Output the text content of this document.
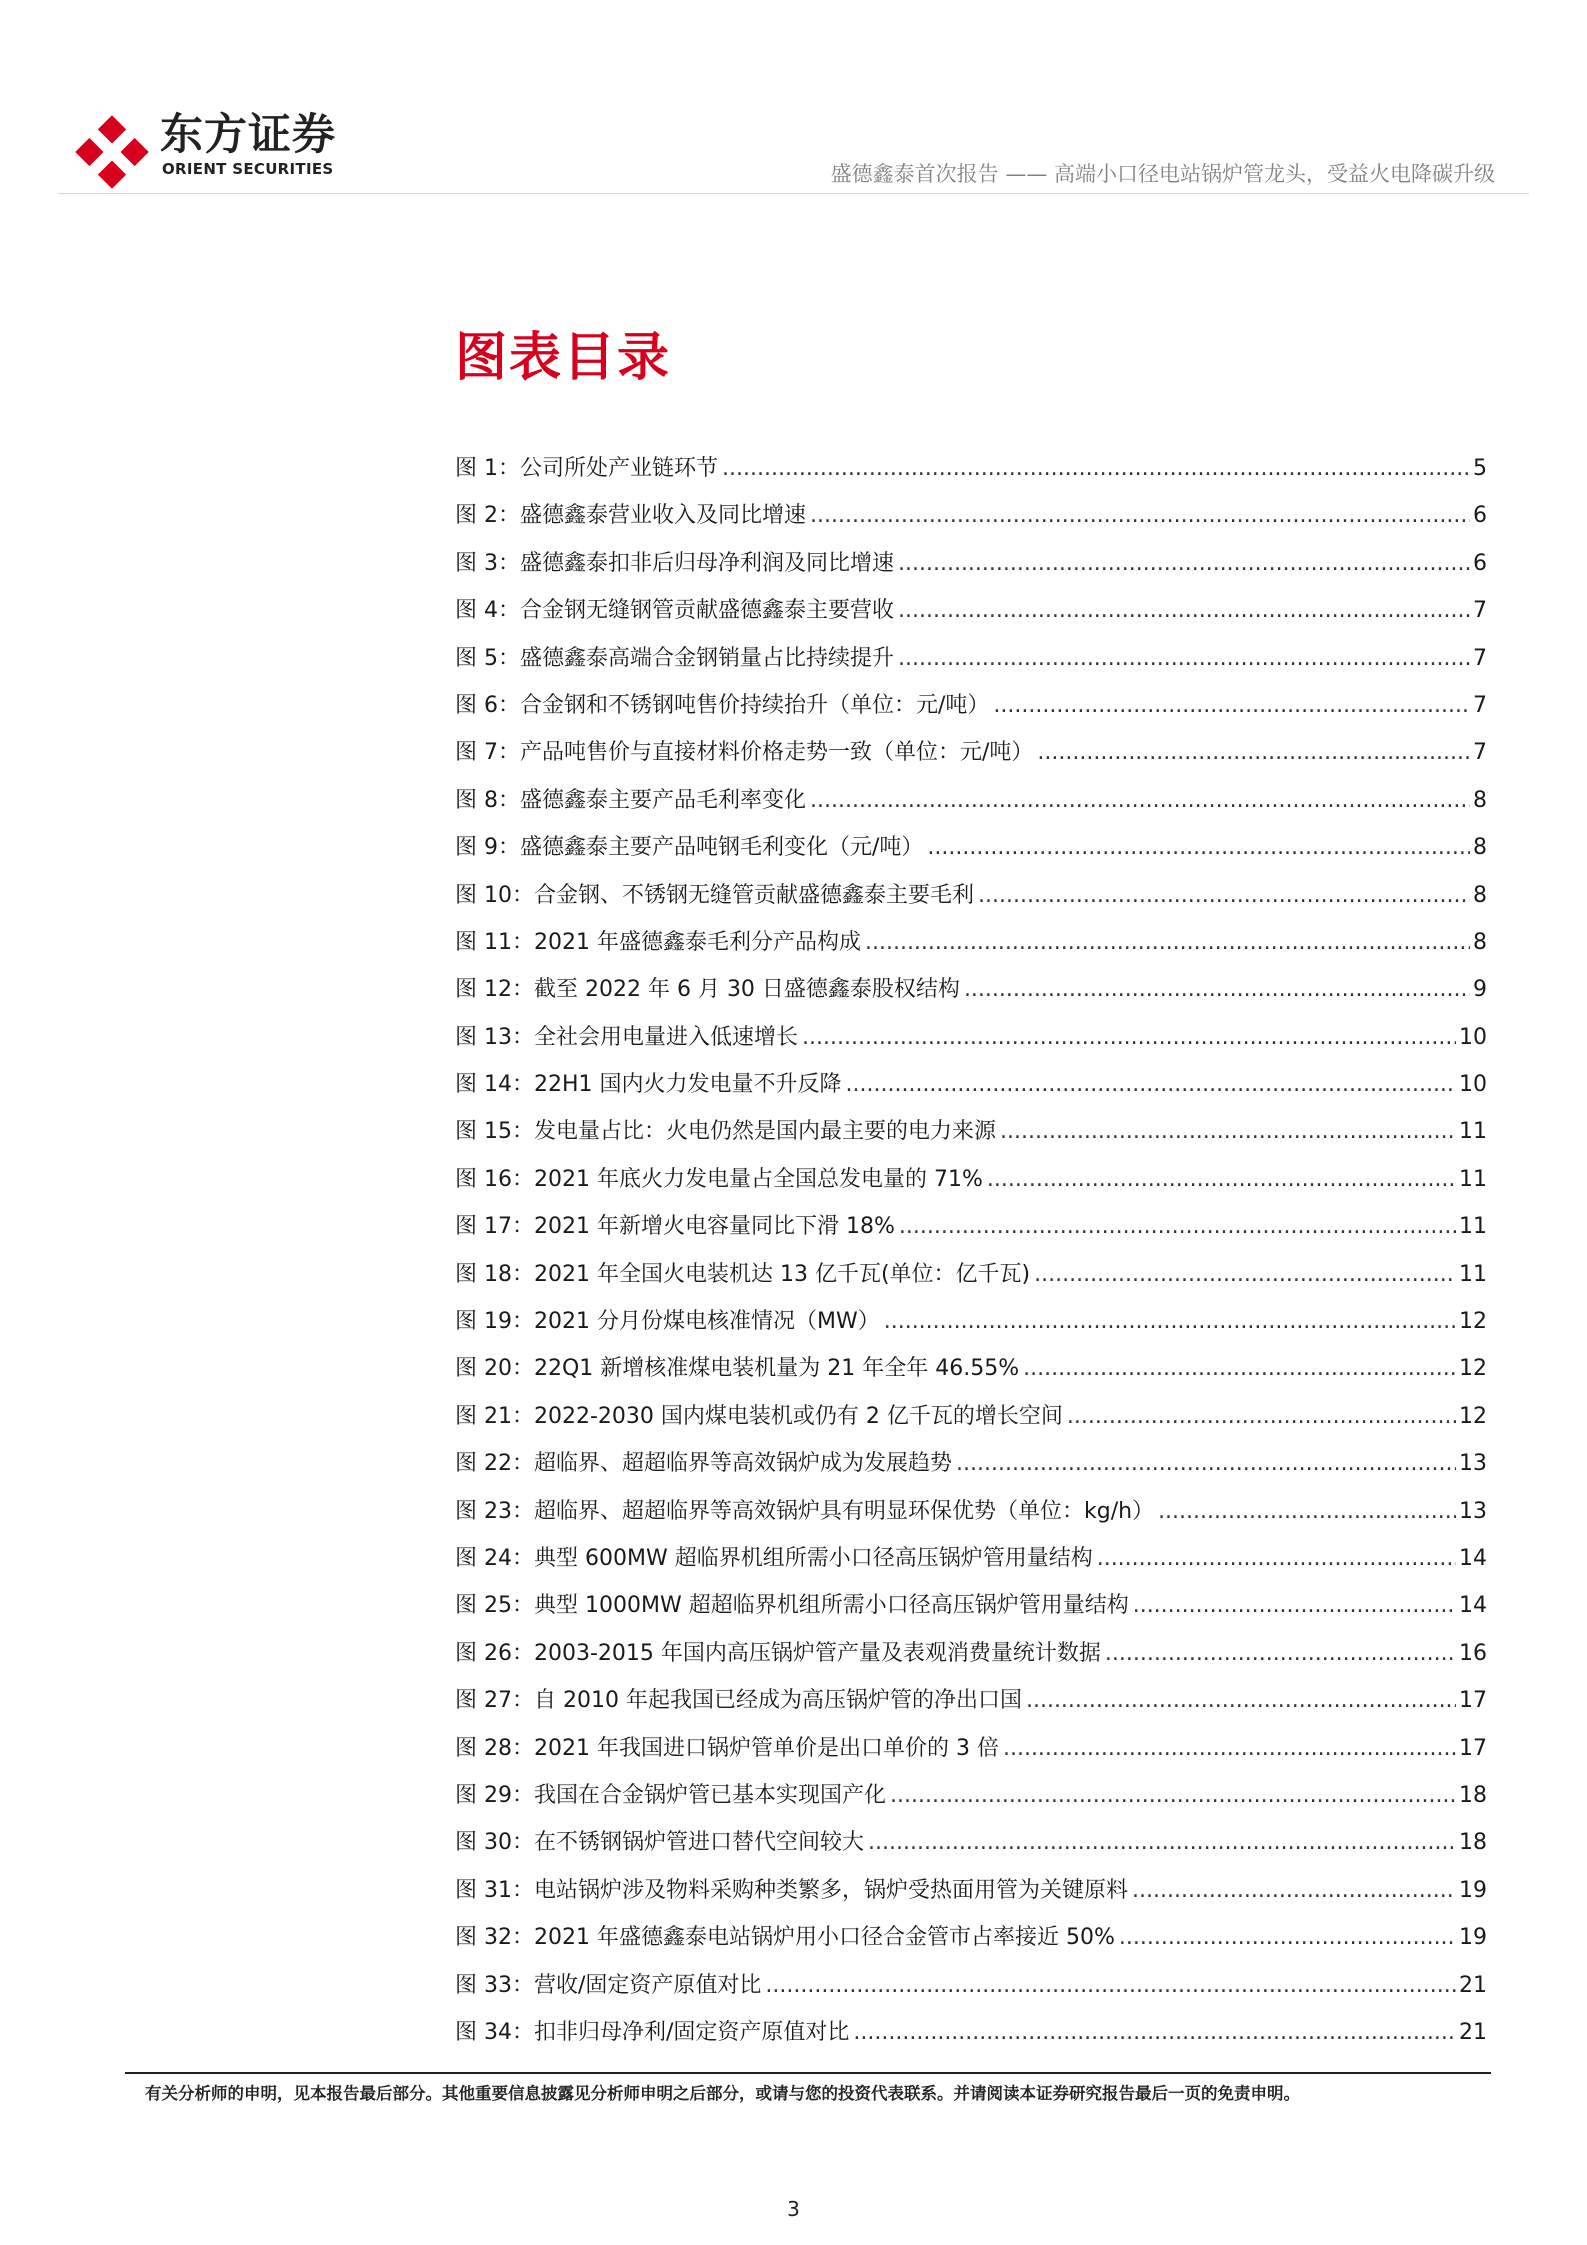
东方证券
ORIENT SECURITIES	盛德鑫泰首次报告 —— 高端小口径电站锅炉管龙头，受益火电降碳升级
图表目录
图 1：公司所处产业链环节 .....	5
图 2：盛德鑫泰营业收入及同比增速 .....	6
图 3：盛德鑫泰扣非后归母净利润及同比增速 .....	6
图 4：合金钢无缝钢管贡献盛德鑫泰主要营收 .....	7
图 5：盛德鑫泰高端合金钢销量占比持续提升 .....	7
图 6：合金钢和不锈钢吨售价持续抬升（单位：元/吨） .....	7
图 7：产品吨售价与直接材料价格走势一致（单位：元/吨） .....	7
图 8：盛德鑫泰主要产品毛利率变化 .....	8
图 9：盛德鑫泰主要产品吨钢毛利变化（元/吨） .....	8
图 10：合金钢、不锈钢无缝管贡献盛德鑫泰主要毛利 .....	8
图 11：2021 年盛德鑫泰毛利分产品构成 .....	8
图 12：截至 2022 年 6 月 30 日盛德鑫泰股权结构 .....	9
图 13：全社会用电量进入低速增长 .....	10
图 14：22H1 国内火力发电量不升反降 .....	10
图 15：发电量占比：火电仍然是国内最主要的电力来源 .....	11
图 16：2021 年底火力发电量占全国总发电量的 71% .....	11
图 17：2021 年新增火电容量同比下滑 18% .....	11
图 18：2021 年全国火电装机达 13 亿千瓦(单位：亿千瓦) .....	11
图 19：2021 分月份煤电核准情况（MW） .....	12
图 20：22Q1 新增核准煤电装机量为 21 年全年 46.55% .....	12
图 21：2022-2030 国内煤电装机或仍有 2 亿千瓦的增长空间 .....	12
图 22：超临界、超超临界等高效锅炉成为发展趋势 .....	13
图 23：超临界、超超临界等高效锅炉具有明显环保优势（单位：kg/h） .....	13
图 24：典型 600MW 超临界机组所需小口径高压锅炉管用量结构 .....	14
图 25：典型 1000MW 超超临界机组所需小口径高压锅炉管用量结构 .....	14
图 26：2003-2015 年国内高压锅炉管产量及表观消费量统计数据 .....	16
图 27：自 2010 年起我国已经成为高压锅炉管的净出口国 .....	17
图 28：2021 年我国进口锅炉管单价是出口单价的 3 倍 .....	17
图 29：我国在合金锅炉管已基本实现国产化 .....	18
图 30：在不锈钢锅炉管进口替代空间较大 .....	18
图 31：电站锅炉涉及物料采购种类繁多，锅炉受热面用管为关键原料 .....	19
图 32：2021 年盛德鑫泰电站锅炉用小口径合金管市占率接近 50% .....	19
图 33：营收/固定资产原值对比 .....	21
图 34：扣非归母净利/固定资产原值对比 .....	21
有关分析师的申明，见本报告最后部分。其他重要信息披露见分析师申明之后部分，或请与您的投资代表联系。并请阅读本证券研究报告最后一页的免责申明。
3
